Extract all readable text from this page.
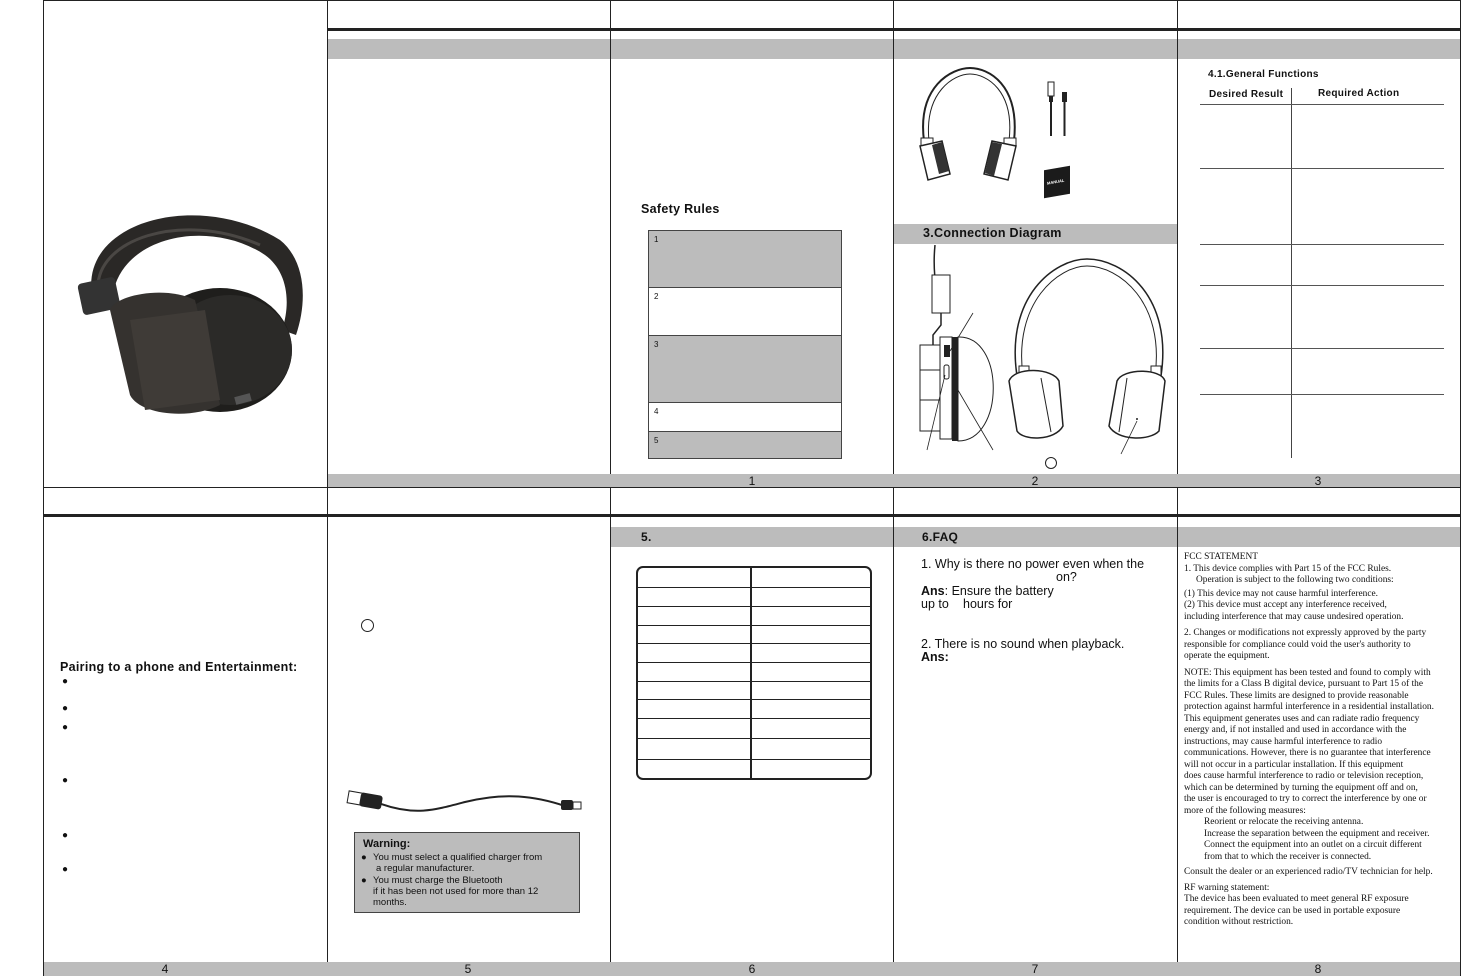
1	2	3
4	5	6	7	8
Safety Rules
1
2
3
4
5
MANUAL
3.Connection Diagram
4.1.General Functions
Desired Result	Required Action
Pairing to a phone and Entertainment:
●
●
●
●
●
●
Warning:
● You must select a qualified charger from
a regular manufacturer.
● You must charge the Bluetooth
if it has been not used for more than 12
months.
5.	6.FAQ
1. Why is there no power even when the
on?
Ans: Ensure the battery
up to hours for
2. There is no sound when playback.
Ans:

FCC STATEMENT

1. This device complies with Part 15 of the FCC Rules.

Operation is subject to the following two conditions:

(1) This device may not cause harmful interference.

(2) This device must accept any interference received,

including interference that may cause undesired operation.

2. Changes or modifications not expressly approved by the party

responsible for compliance could void the user's authority to

operate the equipment.

NOTE: This equipment has been tested and found to comply with

the limits for a Class B digital device, pursuant to Part 15 of the

FCC Rules. These limits are designed to provide reasonable

protection against harmful interference in a residential installation.

This equipment generates uses and can radiate radio frequency

energy and, if not installed and used in accordance with the

instructions, may cause harmful interference to radio

communications. However, there is no guarantee that interference

will not occur in a particular installation. If this equipment

does cause harmful interference to radio or television reception,

which can be determined by turning the equipment off and on,

the user is encouraged to try to correct the interference by one or

more of the following measures:

Reorient or relocate the receiving antenna.

Increase the separation between the equipment and receiver.

Connect the equipment into an outlet on a circuit different

from that to which the receiver is connected.

Consult the dealer or an experienced radio/TV technician for help.

RF warning statement:

The device has been evaluated to meet general RF exposure

requirement. The device can be used in portable exposure

condition without restriction.
